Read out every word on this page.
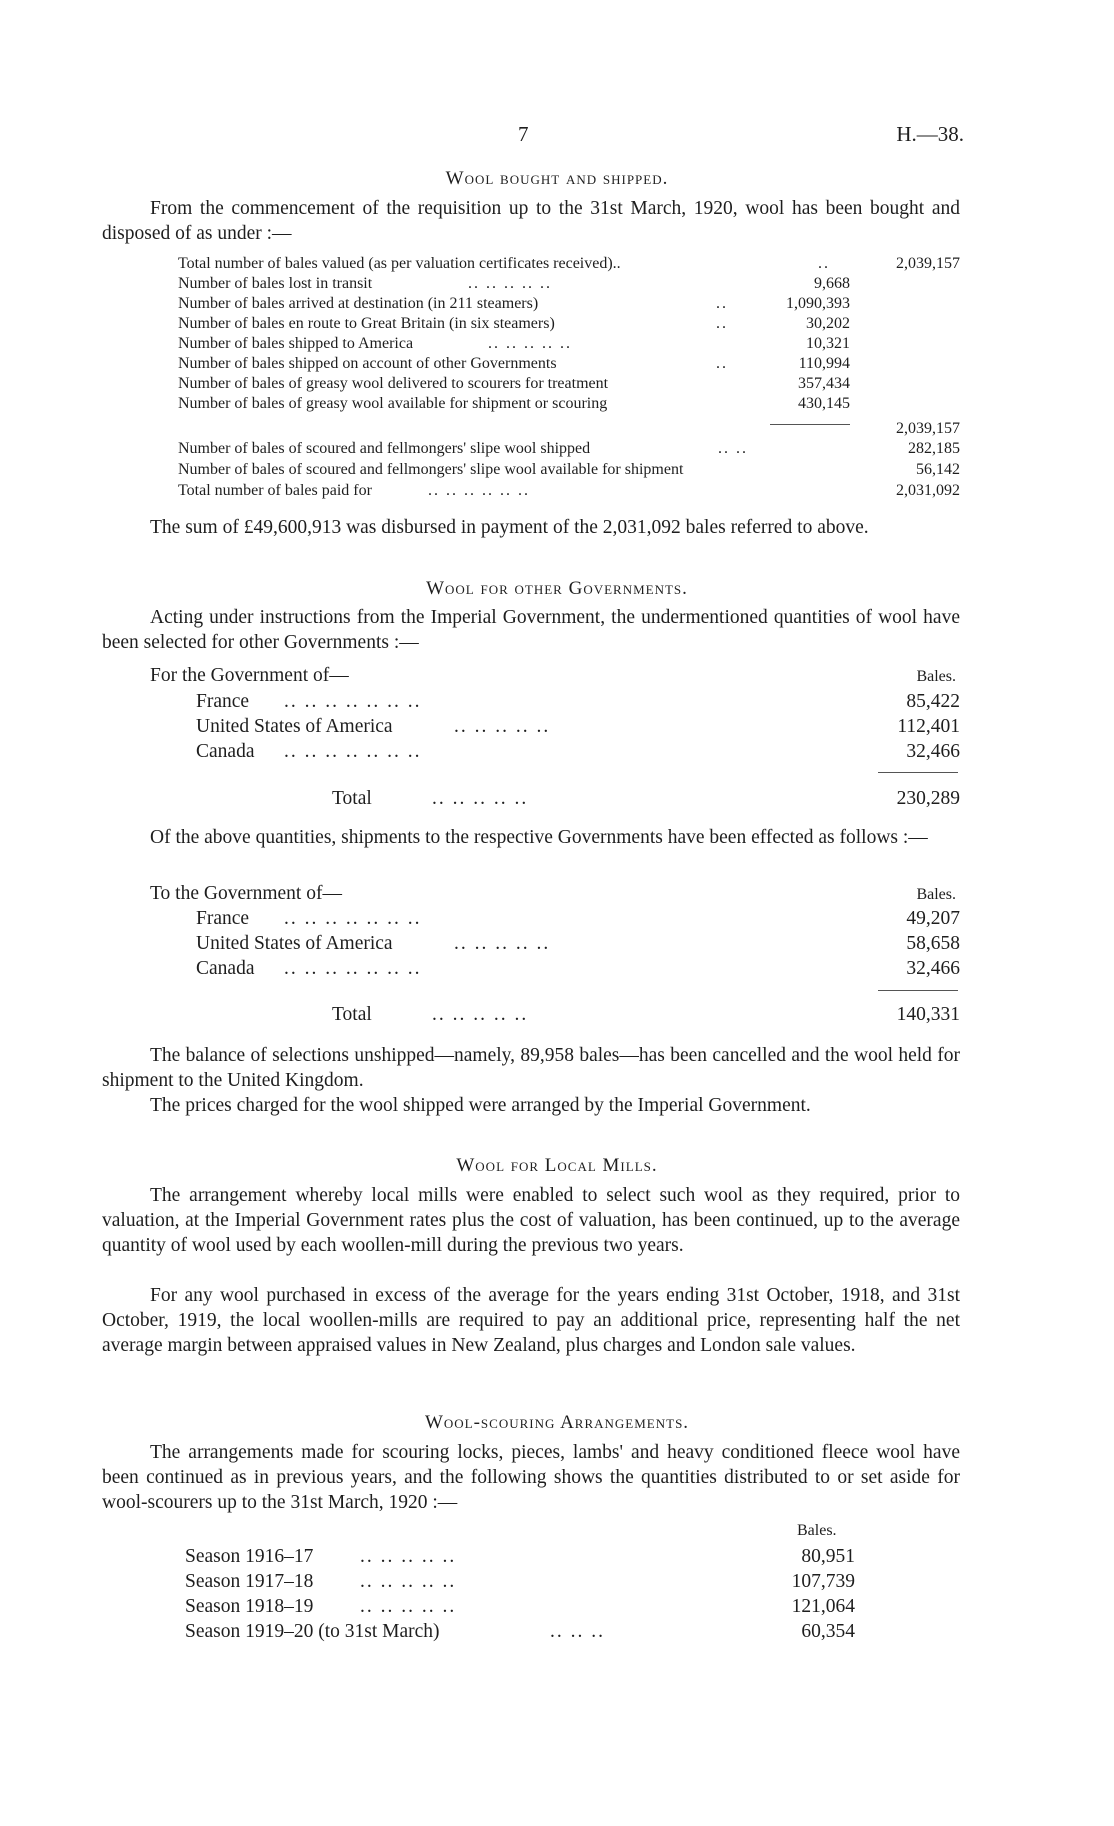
7	H.—38.
Wool bought and shipped.
From the commencement of the requisition up to the 31st March, 1920, wool has been bought and disposed of as under :—
Total number of bales valued (as per valuation certificates received)..	..	2,039,157
Number of bales lost in transit	.. .. .. .. ..	9,668
Number of bales arrived at destination (in 211 steamers)	..	1,090,393
Number of bales en route to Great Britain (in six steamers)	..	30,202
Number of bales shipped to America	.. .. .. .. ..	10,321
Number of bales shipped on account of other Governments	..	110,994
Number of bales of greasy wool delivered to scourers for treatment	357,434
Number of bales of greasy wool available for shipment or scouring	430,145
2,039,157
Number of bales of scoured and fellmongers' slipe wool shipped	.. ..	282,185
Number of bales of scoured and fellmongers' slipe wool available for shipment	56,142
Total number of bales paid for	.. .. .. .. .. ..	2,031,092
The sum of £49,600,913 was disbursed in payment of the 2,031,092 bales referred to above.
Wool for other Governments.
Acting under instructions from the Imperial Government, the undermentioned quantities of wool have been selected for other Governments :—
For the Government of—	Bales.
France .. .. .. .. .. .. ..	85,422
United States of America	.. .. .. .. ..	112,401
Canada .. .. .. .. .. .. ..	32,466
Total	.. .. .. .. ..	230,289
Of the above quantities, shipments to the respective Governments have been effected as follows :—
To the Government of—	Bales.
France .. .. .. .. .. .. ..	49,207
United States of America	.. .. .. .. ..	58,658
Canada .. .. .. .. .. .. ..	32,466
Total	.. .. .. .. ..	140,331
The balance of selections unshipped—namely, 89,958 bales—has been cancelled and the wool held for shipment to the United Kingdom.
The prices charged for the wool shipped were arranged by the Imperial Government.
Wool for Local Mills.
The arrangement whereby local mills were enabled to select such wool as they required, prior to valuation, at the Imperial Government rates plus the cost of valuation, has been continued, up to the average quantity of wool used by each woollen-mill during the previous two years.
For any wool purchased in excess of the average for the years ending 31st October, 1918, and 31st October, 1919, the local woollen-mills are required to pay an additional price, representing half the net average margin between appraised values in New Zealand, plus charges and London sale values.
Wool-scouring Arrangements.
The arrangements made for scouring locks, pieces, lambs' and heavy conditioned fleece wool have been continued as in previous years, and the following shows the quantities distributed to or set aside for wool-scourers up to the 31st March, 1920 :—
Bales.
Season 1916–17 .. .. .. .. ..	80,951
Season 1917–18 .. .. .. .. ..	107,739
Season 1918–19 .. .. .. .. ..	121,064
Season 1919–20 (to 31st March)	.. .. ..	60,354
